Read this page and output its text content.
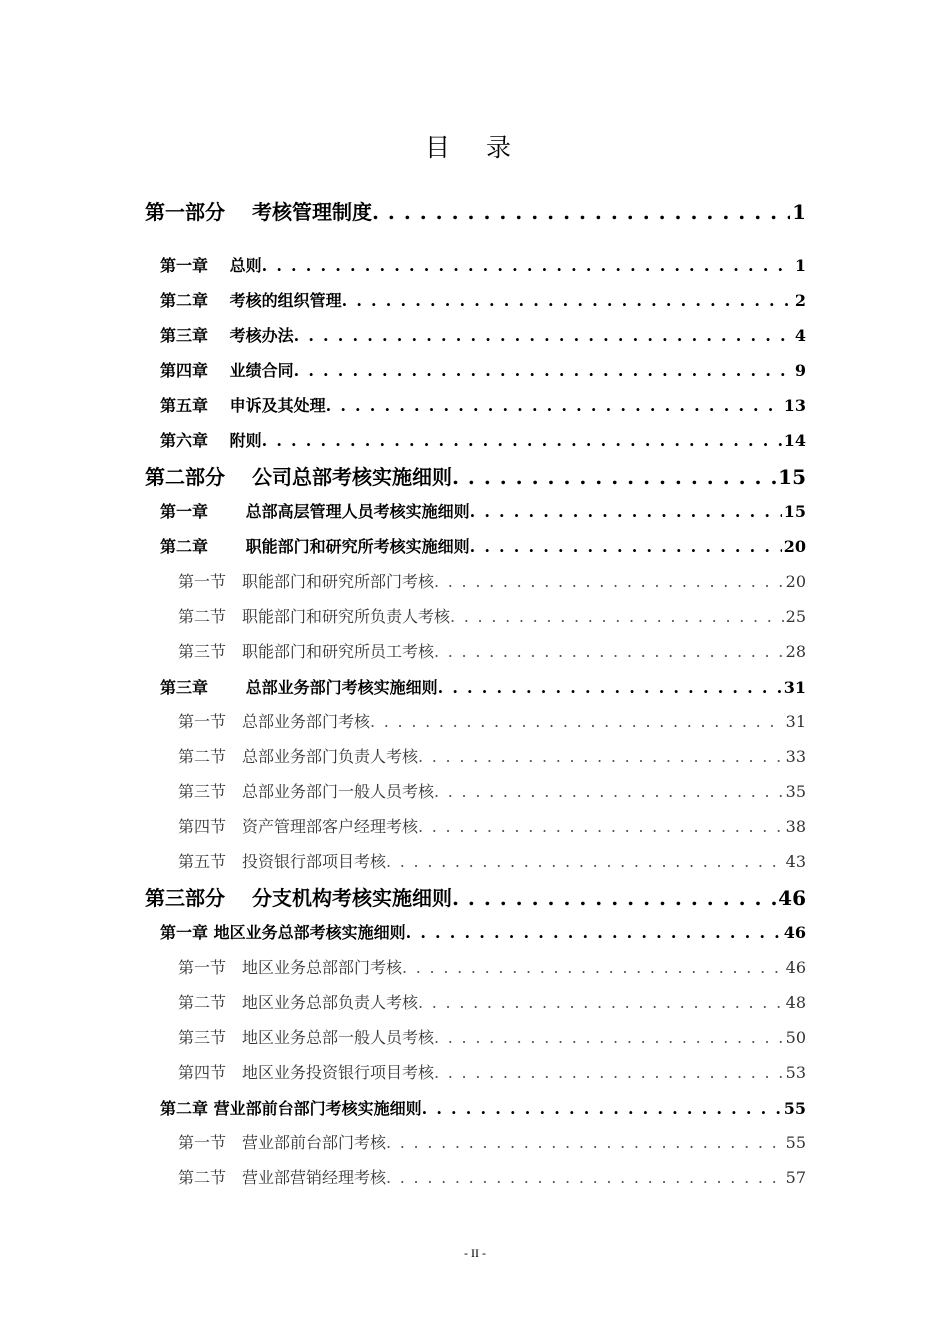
目 录
第一部分　 考核管理制度 . . .	1
第一章　 总则 . . .	1
第二章　 考核的组织管理 . . .	2
第三章　 考核办法 . . .	4
第四章　 业绩合同 . . .	9
第五章　 申诉及其处理 . . .	13
第六章　 附则 . . .	14
第二部分　 公司总部考核实施细则 . . .	15
第一章　　 总部高层管理人员考核实施细则 . . .	15
第二章　　 职能部门和研究所考核实施细则 . . .	20
第一节　职能部门和研究所部门考核 . . .	20
第二节　职能部门和研究所负责人考核 . . .	25
第三节　职能部门和研究所员工考核 . . .	28
第三章　　 总部业务部门考核实施细则 . . .	31
第一节　总部业务部门考核 . . .	31
第二节　总部业务部门负责人考核 . . .	33
第三节　总部业务部门一般人员考核 . . .	35
第四节　资产管理部客户经理考核 . . .	38
第五节　投资银行部项目考核 . . .	43
第三部分　 分支机构考核实施细则 . . .	46
第一章 地区业务总部考核实施细则 . . .	46
第一节　地区业务总部部门考核 . . .	46
第二节　地区业务总部负责人考核 . . .	48
第三节　地区业务总部一般人员考核 . . .	50
第四节　地区业务投资银行项目考核 . . .	53
第二章 营业部前台部门考核实施细则 . . .	55
第一节　营业部前台部门考核 . . .	55
第二节　营业部营销经理考核 . . .	57
- II -
